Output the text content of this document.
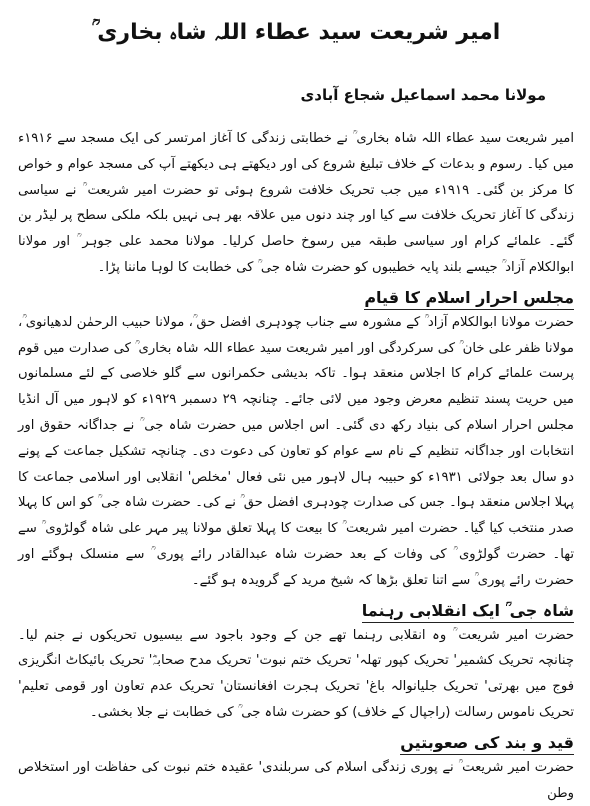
امیر شریعت سید عطاء اللہ شاہ بخاری ؒ
مولانا محمد اسماعیل شجاع آبادی

امیر شریعت سید عطاء اللہ شاہ بخاری ؒ نے خطابتی زندگی کا آغاز امرتسر کی ایک مسجد سے ۱۹۱۶ء میں کیا۔ رسوم و بدعات کے خلاف تبلیغ شروع کی اور دیکھتے ہی دیکھتے آپ کی مسجد عوام و خواص کا مرکز بن گئی۔ ۱۹۱۹ء میں جب تحریک خلافت شروع ہوئی تو حضرت امیر شریعت ؒ نے سیاسی زندگی کا آغاز تحریک خلافت سے کیا اور چند دنوں میں علاقہ بھر ہی نہیں بلکہ ملکی سطح پر لیڈر بن گئے۔ علمائے کرام اور سیاسی طبقہ میں رسوخ حاصل کرلیا۔ مولانا محمد علی جوہر ؒ اور مولانا ابوالکلام آزاد ؒ جیسے بلند پایہ خطیبوں کو حضرت شاہ جی ؒ کی خطابت کا لوہا ماننا پڑا۔

مجلس احرار اسلام کا قیام

حضرت مولانا ابوالکلام آزاد ؒ کے مشورہ سے جناب چودہری افضل حق ؒ، مولانا حبیب الرحمٰن لدھیانوی ؒ، مولانا ظفر علی خان ؒ کی سرکردگی اور امیر شریعت سید عطاء اللہ شاہ بخاری ؒ کی صدارت میں قوم پرست علمائے کرام کا اجلاس منعقد ہوا۔ تاکہ بدیشی حکمرانوں سے گلو خلاصی کے لئے مسلمانوں میں حریت پسند تنظیم معرض وجود میں لائی جائے۔ چنانچہ ۲۹ دسمبر ۱۹۲۹ء کو لاہور میں آل انڈیا مجلس احرار اسلام کی بنیاد رکھ دی گئی۔ اس اجلاس میں حضرت شاہ جی ؒ نے جداگانہ حقوق اور انتخابات اور جداگانہ تنظیم کے نام سے عوام کو تعاون کی دعوت دی۔ چنانچہ تشکیل جماعت کے پونے دو سال بعد جولائی ۱۹۳۱ء کو حبیبہ ہال لاہور میں نئی فعال 'مخلص' انقلابی اور اسلامی جماعت کا پہلا اجلاس منعقد ہوا۔ جس کی صدارت چودہری افضل حق ؒ نے کی۔ حضرت شاہ جی ؒ کو اس کا پہلا صدر منتخب کیا گیا۔ حضرت امیر شریعت ؒ کا بیعت کا پہلا تعلق مولانا پیر مہر علی شاہ گولڑوی ؒ سے تھا۔ حضرت گولڑوی ؒ کی وفات کے بعد حضرت شاہ عبدالقادر رائے پوری ؒ سے منسلک ہوگئے اور حضرت رائے پوری ؒ سے اتنا تعلق بڑھا کہ شیخ مرید کے گرویدہ ہو گئے۔

شاہ جی ؒ ایک انقلابی رہنما

حضرت امیر شریعت ؒ وہ انقلابی رہنما تھے جن کے وجود باجود سے بیسیوں تحریکوں نے جنم لیا۔ چنانچہ تحریک کشمیر' تحریک کپور تھلہ' تحریک ختم نبوت' تحریک مدح صحابہؓ' تحریک بائیکاٹ انگریزی فوج میں بھرتی' تحریک جلیانوالہ باغ' تحریک ہجرت افغانستان' تحریک عدم تعاون اور قومی تعلیم' تحریک ناموس رسالت (راجپال کے خلاف) کو حضرت شاہ جی ؒ کی خطابت نے جلا بخشی۔

قید و بند کی صعوبتیں

حضرت امیر شریعت ؒ نے پوری زندگی اسلام کی سربلندی' عقیدہ ختم نبوت کی حفاظت اور استخلاص وطن
